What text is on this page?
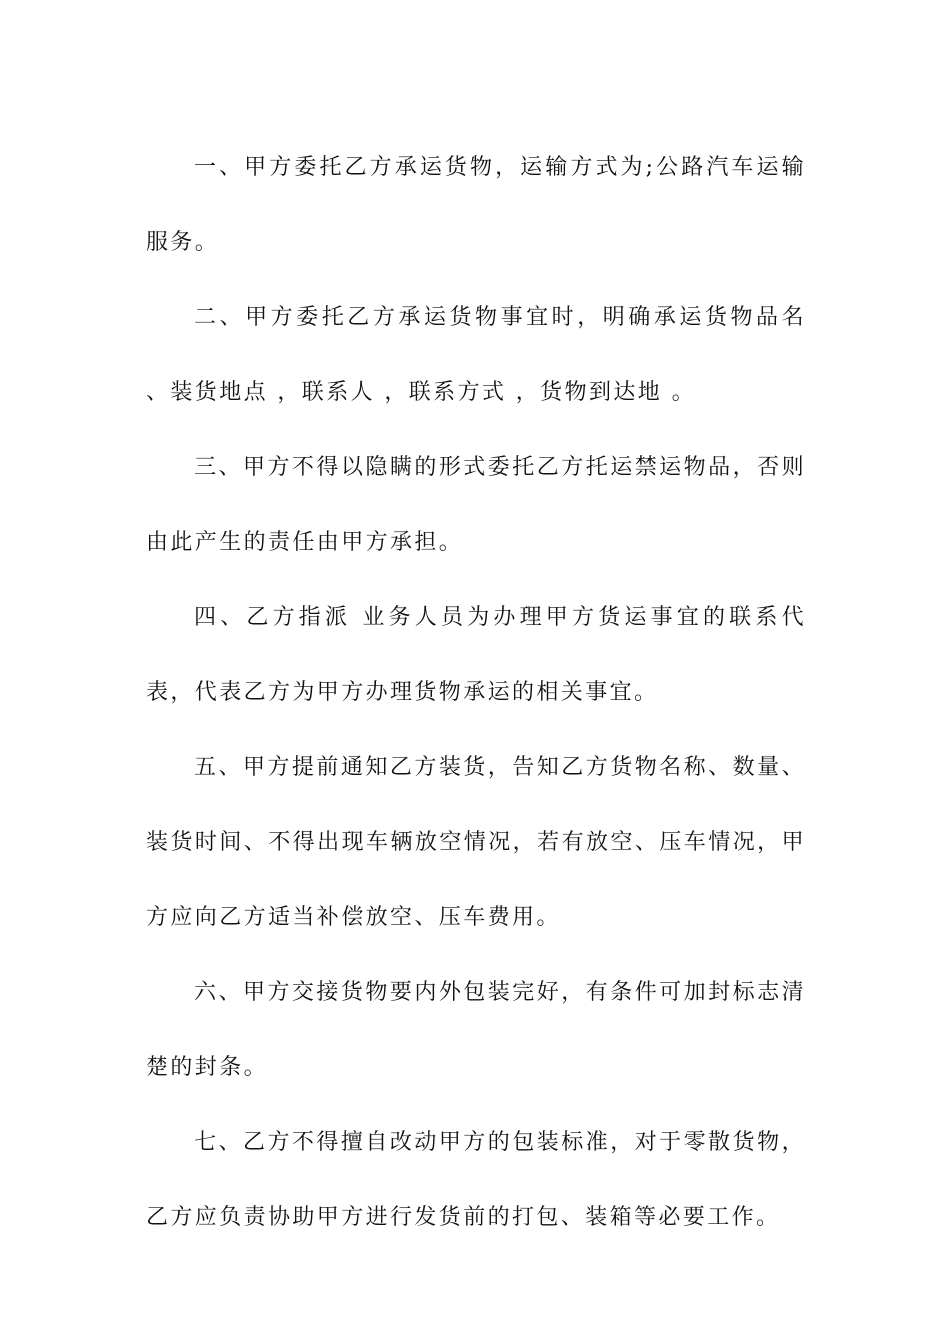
一、甲方委托乙方承运货物，运输方式为;公路汽车运输服务。

二、甲方委托乙方承运货物事宜时，明确承运货物品名 、装货地点 ，联系人 ，联系方式 ，货物到达地 。

三、甲方不得以隐瞒的形式委托乙方托运禁运物品，否则由此产生的责任由甲方承担。

四、乙方指派 业务人员为办理甲方货运事宜的联系代表，代表乙方为甲方办理货物承运的相关事宜。

五、甲方提前通知乙方装货，告知乙方货物名称、数量、装货时间、不得出现车辆放空情况，若有放空、压车情况，甲方应向乙方适当补偿放空、压车费用。

六、甲方交接货物要内外包装完好，有条件可加封标志清楚的封条。

七、乙方不得擅自改动甲方的包装标准，对于零散货物，乙方应负责协助甲方进行发货前的打包、装箱等必要工作。
